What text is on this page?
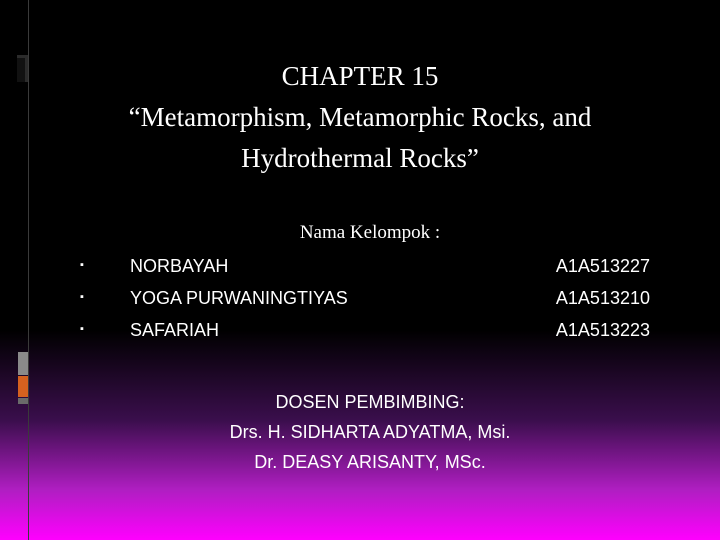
CHAPTER 15
“Metamorphism, Metamorphic Rocks, and
Hydrothermal Rocks”
Nama Kelompok :
▪	NORBAYAH	A1A513227
▪	YOGA PURWANINGTIYAS	A1A513210
▪	SAFARIAH	A1A513223
DOSEN PEMBIMBING:
Drs. H. SIDHARTA ADYATMA, Msi.
Dr. DEASY ARISANTY, MSc.
